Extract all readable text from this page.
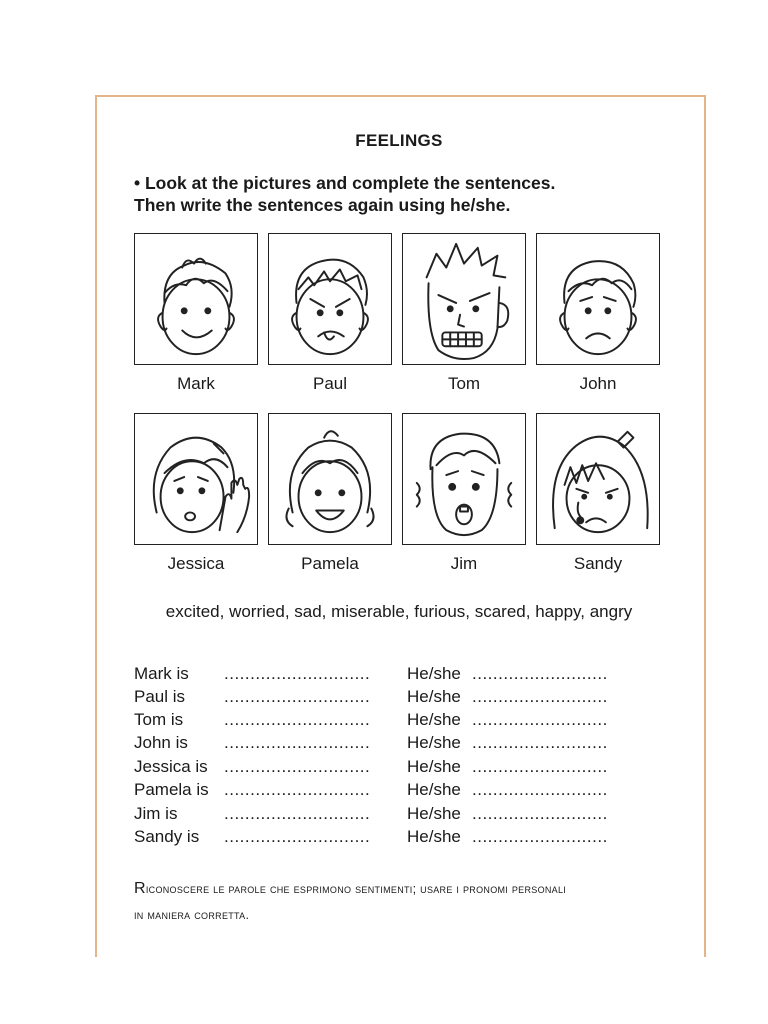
FEELINGS
• Look at the pictures and complete the sentences.
Then write the sentences again using he/she.
Mark	Paul	Tom	John
Jessica	Pamela	Jim	Sandy
excited, worried, sad, miserable, furious, scared, happy, angry
Mark is ............................ He/she ..........................
Paul is ............................ He/she ..........................
Tom is ............................ He/she ..........................
John is ............................ He/she ..........................
Jessica is ............................ He/she ..........................
Pamela is ............................ He/she ..........................
Jim is	............................ He/she ..........................
Sandy is ............................ He/she ..........................
Riconoscere le parole che esprimono sentimenti; usare i pronomi personali
in maniera corretta.
